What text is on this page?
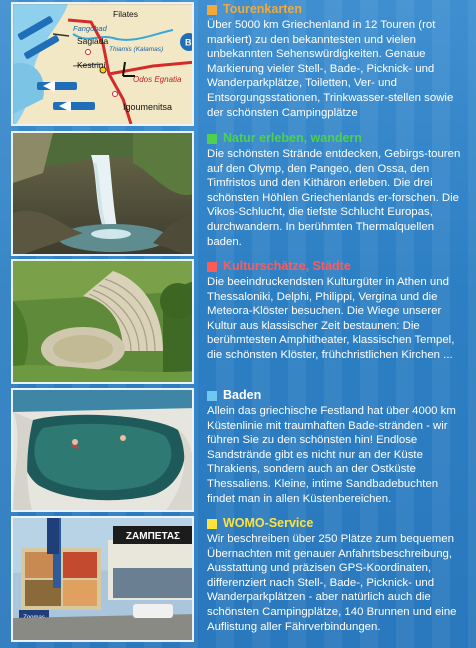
Filates
Fangobad
Sagiada
Thiamis (Kalamas)
Kestrini
Odos Egnatia
Igoumenitsa
B
Tourenkarten

Über 5000 km Griechenland in 12 Touren (rot markiert) zu den bekanntesten und vielen unbekannten Sehenswürdigkeiten. Genaue Markierung vieler Stell-, Bade-, Picknick- und Wanderparkplätze, Toiletten, Ver- und Entsorgungsstationen, Trinkwasser-stellen sowie der schönsten Campingplätze

Natur erleben, wandern

Die schönsten Strände entdecken, Gebirgs-touren auf den Olymp, den Pangeo, den Ossa, den Timfristos und den Kithäron erleben. Die drei schönsten Höhlen Griechenlands er-forschen. Die Vikos-Schlucht, die tiefste Schlucht Europas, durchwandern. In berühmten Thermalquellen baden.

Kulturschätze, Städte

Die beeindruckendsten Kulturgüter in Athen und Thessaloniki, Delphi, Philippi, Vergina und die Meteora-Klöster besuchen. Die Wiege unserer Kultur aus klassischer Zeit bestaunen: Die berühmtesten Amphitheater, klassischen Tempel, die schönsten Klöster, frühchristlichen Kirchen ...

Baden

Allein das griechische Festland hat über 4000 km Küstenlinie mit traumhaften Bade-stränden - wir führen Sie zu den schönsten hin! Endlose Sandstrände gibt es nicht nur an der Küste Thrakiens, sondern auch an der Ostküste Thessaliens. Kleine, intime Sandbadebuchten findet man in allen Küstenbereichen.

ΖΑΜΠΕΤΑΣ
WOMO-Service

Wir beschreiben über 250 Plätze zum bequemen Übernachten mit genauer Anfahrtsbeschreibung, Ausstattung und präzisen GPS-Koordinaten, differenziert nach Stell-, Bade-, Picknick- und Wanderparkplätzen - aber natürlich auch die schönsten Campingplätze, 140 Brunnen und eine Auflistung aller Fährverbindungen.
